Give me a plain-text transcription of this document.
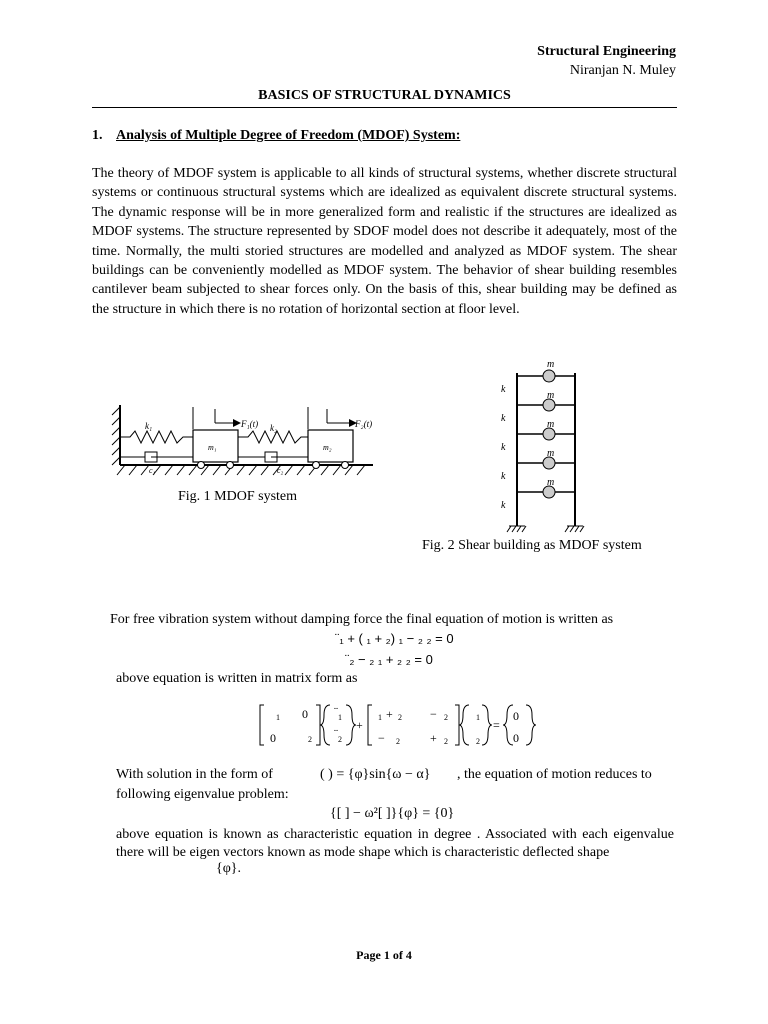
Structural Engineering
Niranjan N. Muley
BASICS OF STRUCTURAL DYNAMICS
1. Analysis of Multiple Degree of Freedom (MDOF) System:

The theory of MDOF system is applicable to all kinds of structural systems, whether discrete structural systems or continuous structural systems which are idealized as equivalent discrete structural systems. The dynamic response will be in more generalized form and realistic if the structures are idealized as MDOF systems. The structure represented by SDOF model does not describe it adequately, most of the time. Normally, the multi storied structures are modelled and analyzed as MDOF system. The shear buildings can be conveniently modelled as MDOF system. The behavior of shear building resembles cantilever beam subjected to shear forces only. On the basis of this, shear building may be defined as the structure in which there is no rotation of horizontal section at floor level.

k₁
c₁
m₁
F₁(t) k₂
c₂
m₂
F₂(t)
Fig. 1 MDOF system
m
m
m
m
m
k
k
k
k
k
Fig. 2 Shear building as MDOF system
For free vibration system without damping force the final equation of motion is written as
¨₁ + ( ₁ + ₂) ₁ − ₂ ₂ = 0
¨₂ − ₂ ₁ + ₂ ₂ = 0
above equation is written in matrix form as
1 0
0	2
¨ 1
¨ 2
+
1 + 2 − 2
− 2	+ 2
1
2
=
0
0
With solution in the form of	( ) = {φ}sin{ω − α} , the equation of motion reduces to
following eigenvalue problem:
{[ ] − ω²[ ]}{φ} = {0}

above equation is known as characteristic equation in degree . Associated with each eigenvalue there will be eigen vectors known as mode shape which is characteristic deflected shape

{φ}.
Page 1 of 4
